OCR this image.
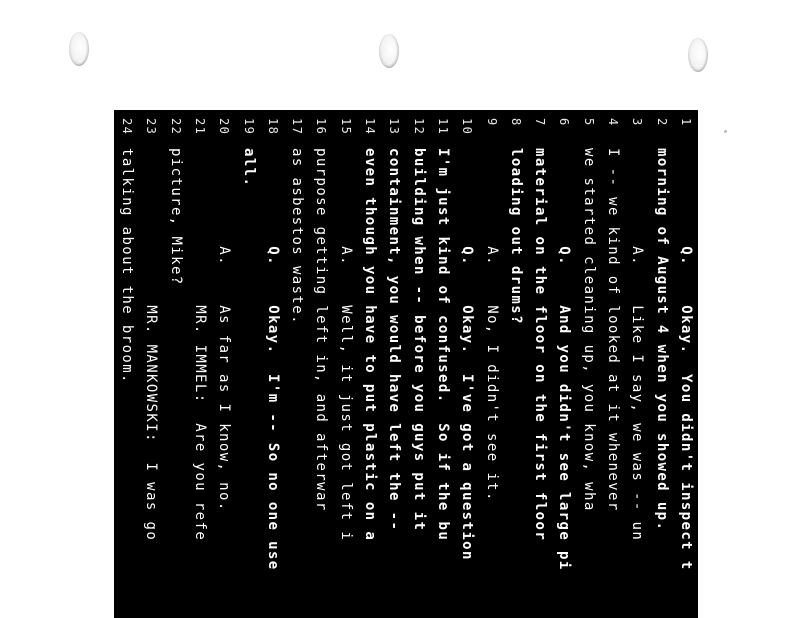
1
Q.    Okay.  You didn't inspect t
2
morning of August 4 when you showed up.
3
A.    Like I say, we was -- un
4
I -- we kind of looked at it whenever
5
we started cleaning up, you know, wha
6
Q.    And you didn't see large pi
7
material on the floor on the first floor
8
loading out drums?
9
A.    No, I didn't see it.
10
Q.    Okay.  I've got a question
11
I'm just kind of confused.  So if the bu
12
building when -- before you guys put it
13
containment, you would have left the --
14
even though you have to put plastic on a
15
A.    Well, it just got left i
16
purpose getting left in, and afterwar
17
as asbestos waste.
18
Q.    Okay.  I'm -- So no one use
19
all.
20
A.    As far as I know, no.
21
MR. IMMEL:  Are you refe
22
picture, Mike?
23
MR. MANKOWSKI:  I was go
24
talking about the broom.
